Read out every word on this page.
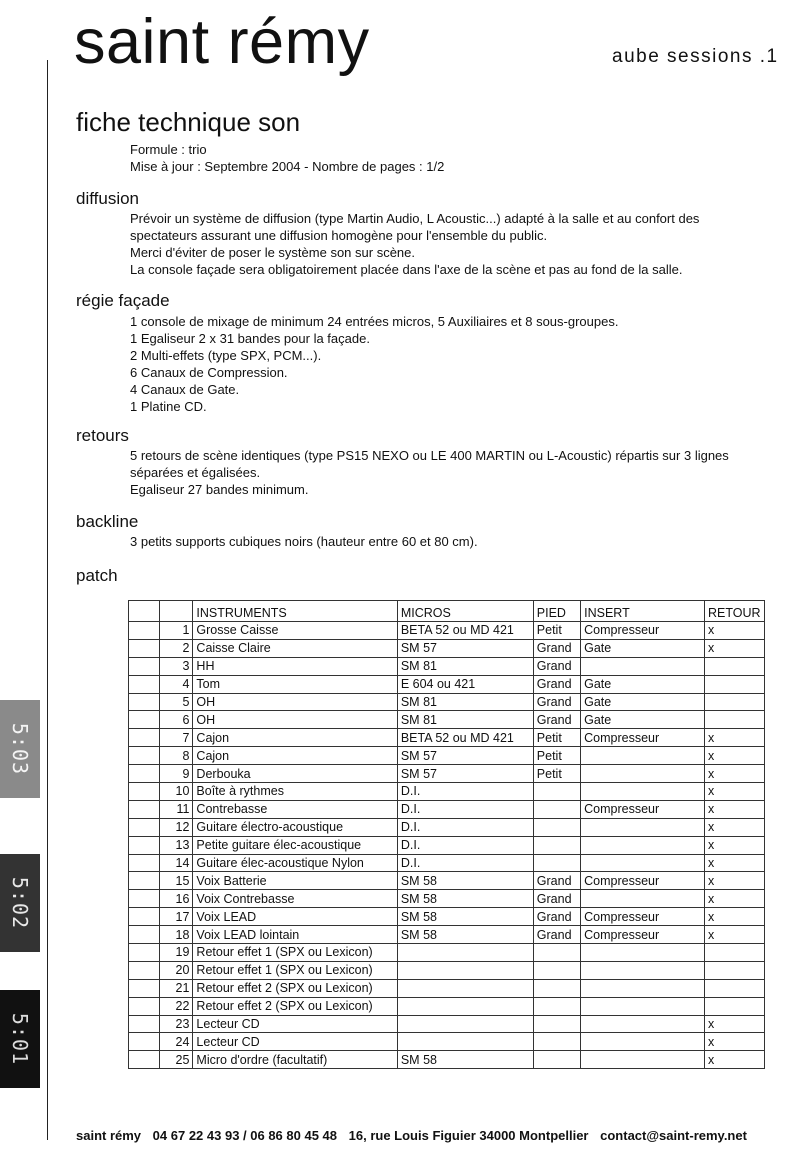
5:03
5:02
5:01
saint rémy	aube sessions .1
fiche technique son
Formule : trio
Mise à jour : Septembre 2004 - Nombre de pages : 1/2
diffusion
Prévoir un système de diffusion (type Martin Audio, L Acoustic...) adapté à la salle et au confort des
spectateurs assurant une diffusion homogène pour l'ensemble du public.
Merci d'éviter de poser le système son sur scène.
La console façade sera obligatoirement placée dans l'axe de la scène et pas au fond de la salle.
régie façade
1 console de mixage de minimum 24 entrées micros, 5 Auxiliaires et 8 sous-groupes.
1 Egaliseur 2 x 31 bandes pour la façade.
2 Multi-effets (type SPX, PCM...).
6 Canaux de Compression.
4 Canaux de Gate.
1 Platine CD.
retours
5 retours de scène identiques (type PS15 NEXO ou LE 400 MARTIN ou L-Acoustic) répartis sur 3 lignes
séparées et égalisées.
Egaliseur 27 bandes minimum.
backline
3 petits supports cubiques noirs (hauteur entre 60 et 80 cm).
patch
		INSTRUMENTS	MICROS	PIED	INSERT	RETOUR
	1	Grosse Caisse	BETA 52 ou MD 421	Petit	Compresseur	x
	2	Caisse Claire	SM 57	Grand	Gate	x
	3	HH	SM 81	Grand		
	4	Tom	E 604 ou 421	Grand	Gate	
	5	OH	SM 81	Grand	Gate	
	6	OH	SM 81	Grand	Gate	
	7	Cajon	BETA 52 ou MD 421	Petit	Compresseur	x
	8	Cajon	SM 57	Petit		x
	9	Derbouka	SM 57	Petit		x
	10	Boîte à rythmes	D.I.			x
	11	Contrebasse	D.I.		Compresseur	x
	12	Guitare électro-acoustique	D.I.			x
	13	Petite guitare élec-acoustique	D.I.			x
	14	Guitare élec-acoustique Nylon	D.I.			x
	15	Voix Batterie	SM 58	Grand	Compresseur	x
	16	Voix Contrebasse	SM 58	Grand		x
	17	Voix LEAD	SM 58	Grand	Compresseur	x
	18	Voix LEAD lointain	SM 58	Grand	Compresseur	x
	19	Retour effet 1 (SPX ou Lexicon)				
	20	Retour effet 1 (SPX ou Lexicon)				
	21	Retour effet 2 (SPX ou Lexicon)				
	22	Retour effet 2 (SPX ou Lexicon)				
	23	Lecteur CD				x
	24	Lecteur CD				x
	25	Micro d'ordre (facultatif)	SM 58			x
saint rémy 04 67 22 43 93 / 06 86 80 45 48 16, rue Louis Figuier 34000 Montpellier contact@saint-remy.net
